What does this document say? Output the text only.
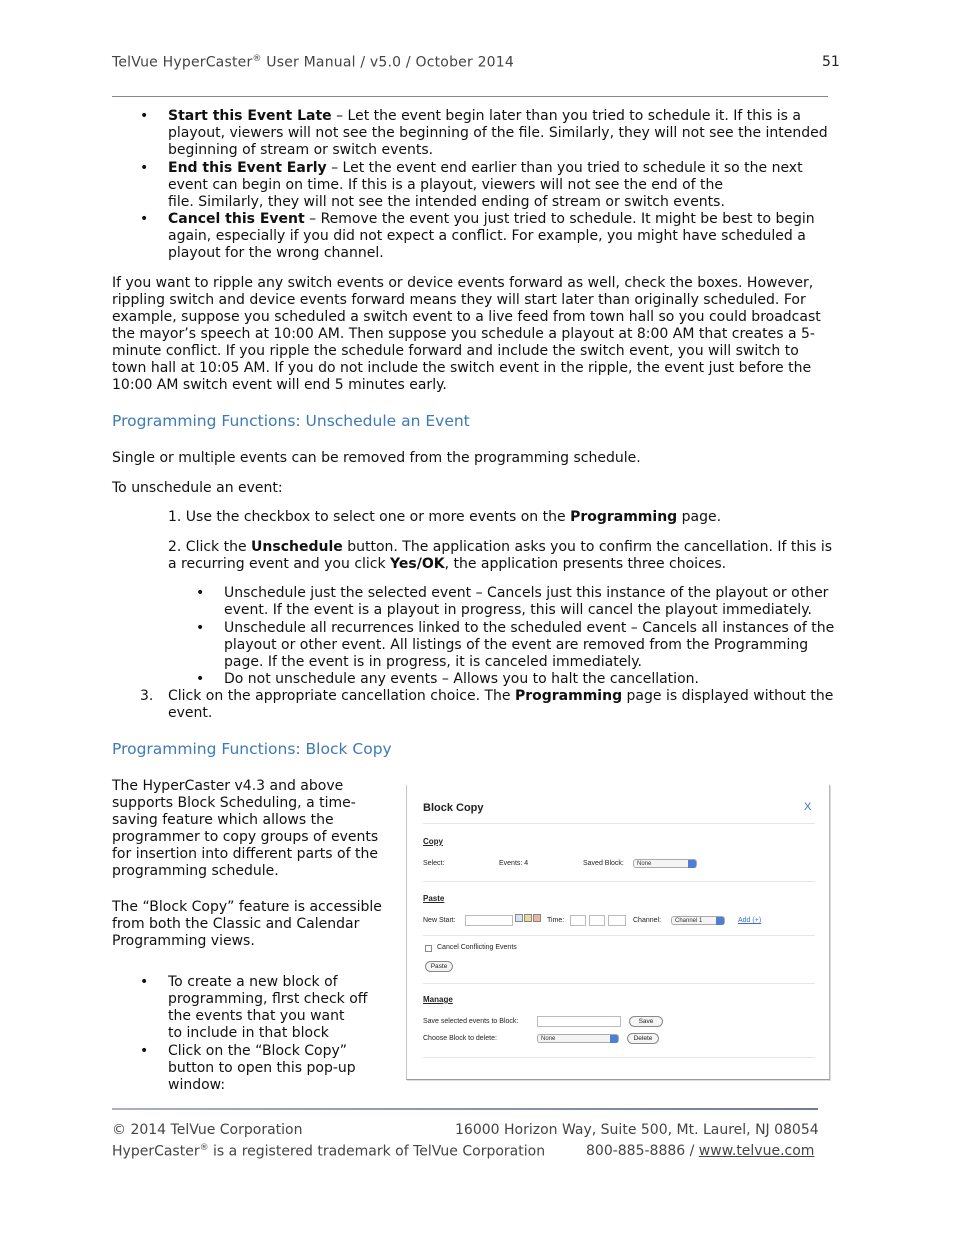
TelVue HyperCaster® User Manual / v5.0 / October 2014	51
• Start this Event Late – Let the event begin later than you tried to schedule it. If this is a
playout, viewers will not see the beginning of the file. Similarly, they will not see the intended
beginning of stream or switch events.
• End this Event Early – Let the event end earlier than you tried to schedule it so the next
event can begin on time. If this is a playout, viewers will not see the end of the
file. Similarly, they will not see the intended ending of stream or switch events.
• Cancel this Event – Remove the event you just tried to schedule. It might be best to begin
again, especially if you did not expect a conflict. For example, you might have scheduled a
playout for the wrong channel.
If you want to ripple any switch events or device events forward as well, check the boxes. However,
rippling switch and device events forward means they will start later than originally scheduled. For
example, suppose you scheduled a switch event to a live feed from town hall so you could broadcast
the mayor’s speech at 10:00 AM. Then suppose you schedule a playout at 8:00 AM that creates a 5-
minute conflict. If you ripple the schedule forward and include the switch event, you will switch to
town hall at 10:05 AM. If you do not include the switch event in the ripple, the event just before the
10:00 AM switch event will end 5 minutes early.
Programming Functions: Unschedule an Event
Single or multiple events can be removed from the programming schedule.
To unschedule an event:
1. Use the checkbox to select one or more events on the Programming page.
2. Click the Unschedule button. The application asks you to confirm the cancellation. If this is
a recurring event and you click Yes/OK, the application presents three choices.
• Unschedule just the selected event – Cancels just this instance of the playout or other
event. If the event is a playout in progress, this will cancel the playout immediately.
• Unschedule all recurrences linked to the scheduled event – Cancels all instances of the
playout or other event. All listings of the event are removed from the Programming
page. If the event is in progress, it is canceled immediately.
• Do not unschedule any events – Allows you to halt the cancellation.
3. Click on the appropriate cancellation choice. The Programming page is displayed without the
event.
Programming Functions: Block Copy
The HyperCaster v4.3 and above
supports Block Scheduling, a time-
saving feature which allows the
programmer to copy groups of events
for insertion into different parts of the
programming schedule.
The “Block Copy” feature is accessible
from both the Classic and Calendar
Programming views.
• To create a new block of
programming, ﬂrst check off
the events that you want
to include in that block
• Click on the “Block Copy”
button to open this pop-up
window:
Block Copy	X
Copy
Select:	Events: 4	Saved Block:	None
Paste
New Start:	Time:	Channel:	Channel 1	Add (+)
Cancel Conflicting Events
Paste
Manage
Save selected events to Block:	Save
Choose Block to delete:	None	Delete
© 2014 TelVue Corporation	16000 Horizon Way, Suite 500, Mt. Laurel, NJ 08054
HyperCaster® is a registered trademark of TelVue Corporation	800-885-8886 / www.telvue.com
